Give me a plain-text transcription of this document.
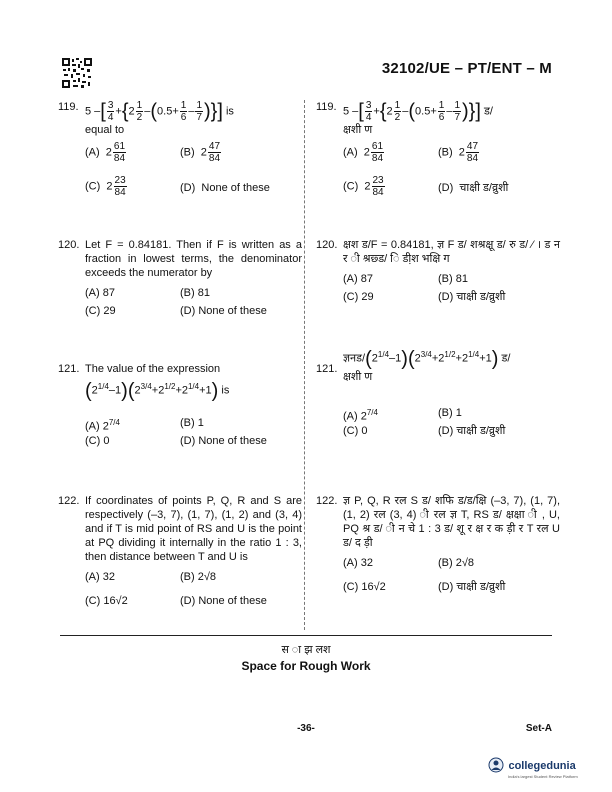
32102/UE – PT/ENT – M
119. 5 –[ $\frac{3}{4} +\{2 \frac{1}{2} -(0.5+ \frac{1}{6} - \frac{1}{7}$ )}] is
equal to
(A) $2 \frac{61}{84}$	(B) $2 \frac{47}{84}$
(C) $2 \frac{23}{84}$	(D) None of these
120. Let F = 0.84181. Then if F is written as a fraction in lowest terms, the denominator exceeds the numerator by
(A) 87	(B) 81
(C) 29	(D) None of these
121. The value of the expression
$(2^{1/4}-1)(2^{3/4}+2^{1/2}+2^{1/4}+1)$ is
(A) $2^{7/4}$	(B) 1
(C) 0	(D) None of these
122. If coordinates of points P, Q, R and S are respectively (–3, 7), (1, 7), (1, 2) and (3, 4) and if T is mid point of RS and U is the point at PQ dividing it internally in the ratio 1 : 3, then distance between T and U is
(A) 32	(B) 2√8
(C) 16√2	(D) None of these
119. 5 –[ $\frac{3}{4} +\{2 \frac{1}{2} -(0.5+ \frac{1}{6} - \frac{1}{7}$ )}] ड/
क्षशी ण
(A)  $2 \frac{61}{84}$	(B)  $2 \frac{47}{84}$
(C)  $2 \frac{23}{84}$	(D)  चाक्षी ड/व्रुशी
120. क्षश ड/F = 0.84181, ज्ञ F ड/ शश्रक्षू ड/ रु ड/ ⁄ । ड न र ी श्रछ्ड/ ि डी़श भक्षि ग
(A) 87	(B) 81
(C) 29	(D) चाक्षी ड/व्रुशी
121.
$ज्ञनड/(2^{1/4}-1)(2^{3/4}+2^{1/2}+2^{1/4}+1)$ ड/
क्षशी ण
(A) $2^{7/4}$	(B) 1
(C) 0	(D) चाक्षी ड/व्रुशी
122. ज्ञ P, Q, R रल S ड/ शफि ड/ड/क्षि (–3, 7), (1, 7), (1, 2) रल (3, 4) ी रल ज्ञ T, RS ड/ क्षक्षा ी , U, PQ श्र ड/ ी न चे 1 : 3 ड/ शू र क्ष र क ड़ी र T रल U ड/ द ड़ी
(A) 32	(B) 2√8
(C) 16√2	(D) चाक्षी ड/व्रुशी
स ा झ लश
Space for Rough Work
-36-	Set-A
collegedunia
India's largest Student Review Platform
